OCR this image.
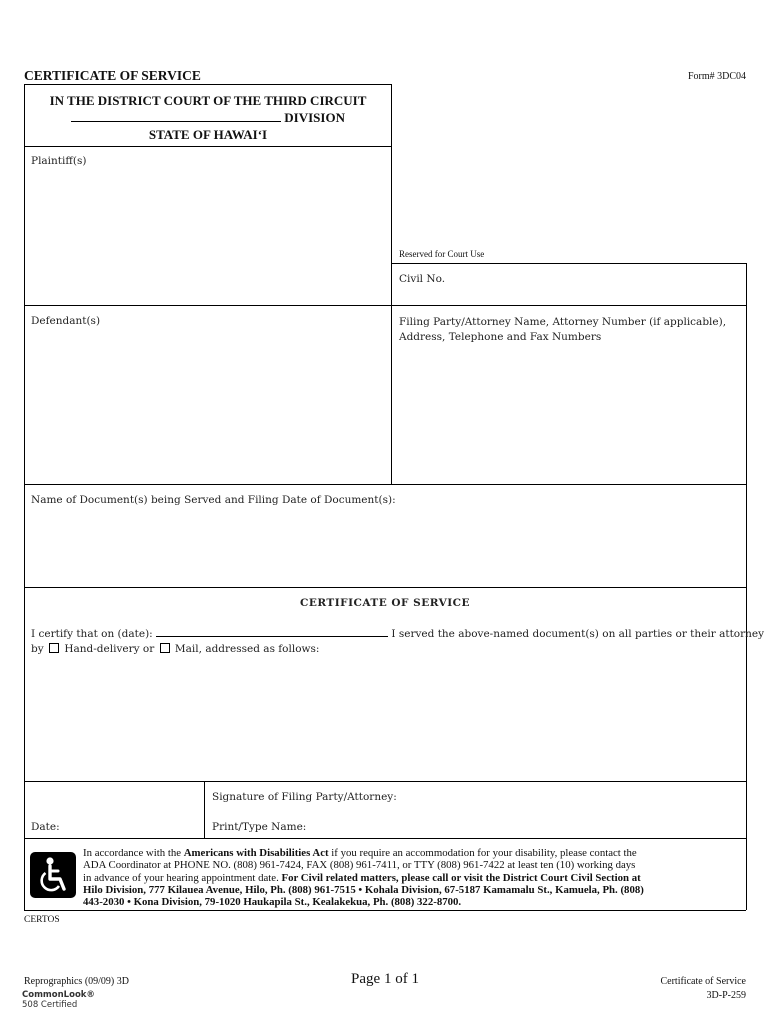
CERTIFICATE OF SERVICE	Form# 3DC04
IN THE DISTRICT COURT OF THE THIRD CIRCUIT
DIVISION
STATE OF HAWAI‘I
Plaintiff(s)
Reserved for Court Use
Civil No.
Defendant(s)	Filing Party/Attorney Name, Attorney Number (if applicable),
Address, Telephone and Fax Numbers
Name of Document(s) being Served and Filing Date of Document(s):
CERTIFICATE OF SERVICE
I certify that on (date):	I served the above-named document(s) on all parties or their attorney
by Hand-delivery or Mail, addressed as follows:
Signature of Filing Party/Attorney:
Date:	Print/Type Name:
In accordance with the Americans with Disabilities Act if you require an accommodation for your disability, please contact the
ADA Coordinator at PHONE NO. (808) 961-7424, FAX (808) 961-7411, or TTY (808) 961-7422 at least ten (10) working days
in advance of your hearing appointment date. For Civil related matters, please call or visit the District Court Civil Section at
Hilo Division, 777 Kilauea Avenue, Hilo, Ph. (808) 961-7515 • Kohala Division, 67-5187 Kamamalu St., Kamuela, Ph. (808)
443-2030 • Kona Division, 79-1020 Haukapila St., Kealakekua, Ph. (808) 322-8700.
CERTOS
Reprographics (09/09) 3D
CommonLook®
508 Certified
Page 1 of 1	Certificate of Service
3D-P-259
